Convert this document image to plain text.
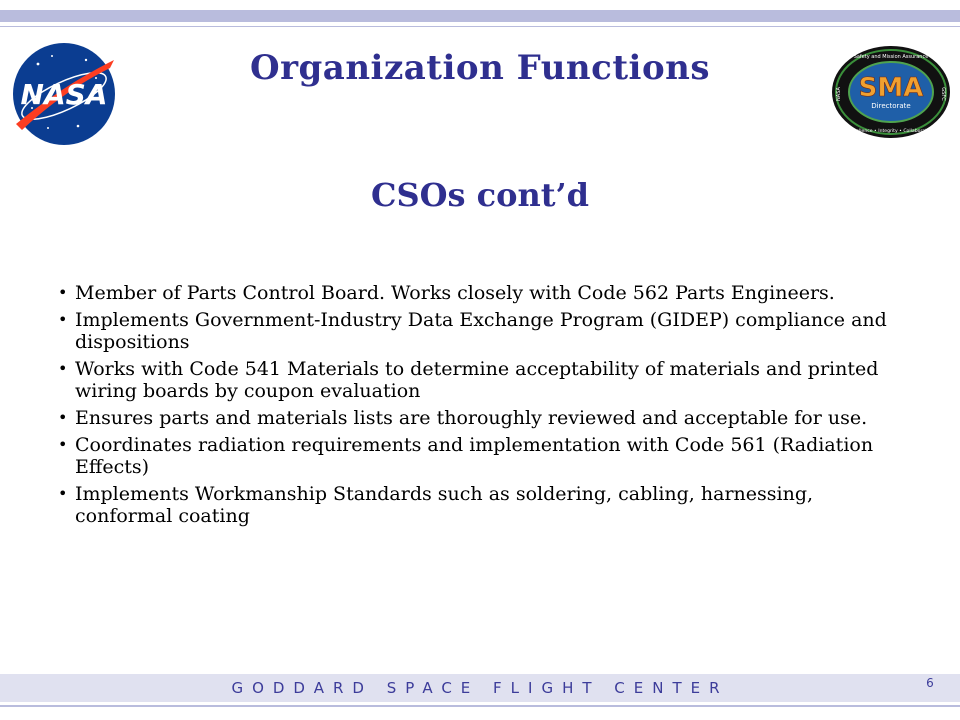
NASA
Safety and Mission Assurance
Excellence • Integrity • Collaboration
NASA	GSFC
SMA
Directorate
Organization Functions
CSOs cont’d
• Member of Parts Control Board. Works closely with Code 562 Parts Engineers.
• Implements Government-Industry Data Exchange Program (GIDEP) compliance and dispositions
• Works with Code 541 Materials to determine acceptability of materials and printed wiring boards by coupon evaluation
• Ensures parts and materials lists are thoroughly reviewed and acceptable for use.
• Coordinates radiation requirements and implementation with Code 561 (Radiation Effects)
• Implements Workmanship Standards such as soldering, cabling, harnessing, conformal coating
GODDARD SPACE FLIGHT CENTER	6
